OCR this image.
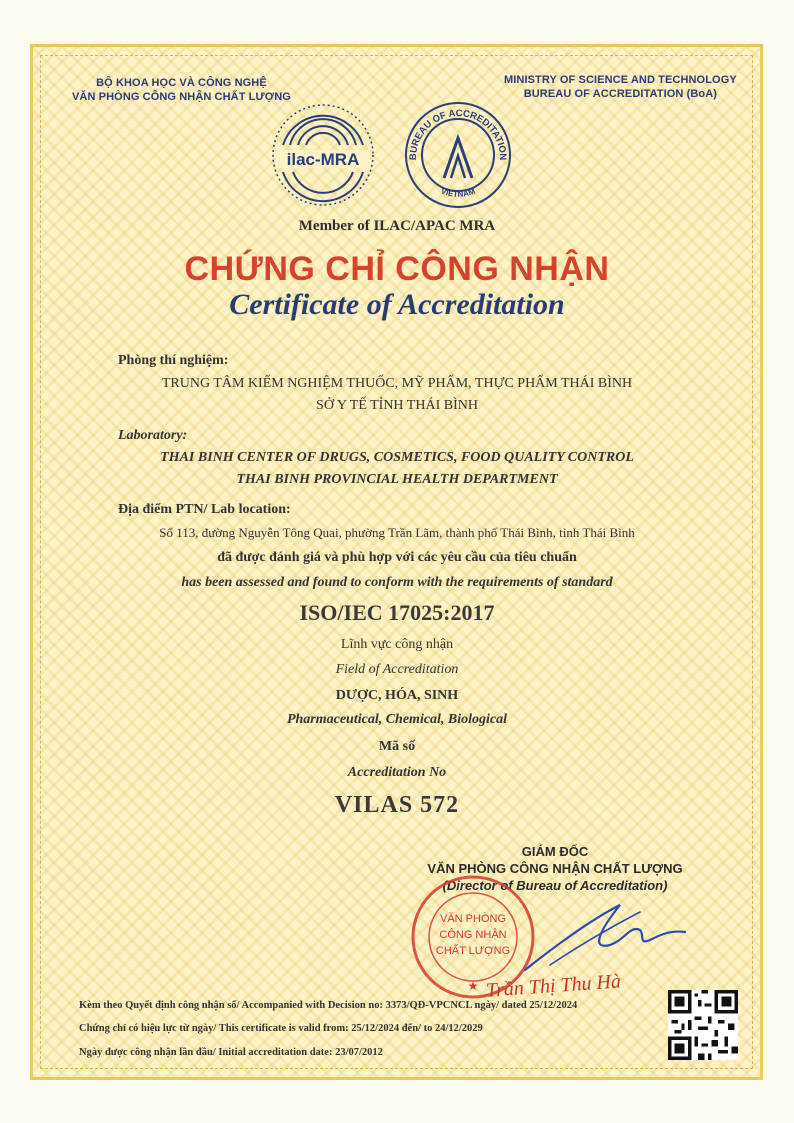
BỘ KHOA HỌC VÀ CÔNG NGHỆ
VĂN PHÒNG CÔNG NHẬN CHẤT LƯỢNG
MINISTRY OF SCIENCE AND TECHNOLOGY
BUREAU OF ACCREDITATION (BoA)
ilac-MRA	BUREAU OF ACCREDITATION
VIETNAM
Member of ILAC/APAC MRA
CHỨNG CHỈ CÔNG NHẬN
Certificate of Accreditation
Phòng thí nghiệm:
TRUNG TÂM KIỂM NGHIỆM THUỐC, MỸ PHẨM, THỰC PHẨM THÁI BÌNH
SỞ Y TẾ TỈNH THÁI BÌNH
Laboratory:
THAI BINH CENTER OF DRUGS, COSMETICS, FOOD QUALITY CONTROL
THAI BINH PROVINCIAL HEALTH DEPARTMENT
Địa điểm PTN/ Lab location:
Số 113, đường Nguyễn Tông Quai, phường Trần Lãm, thành phố Thái Bình, tỉnh Thái Bình
đã được đánh giá và phù hợp với các yêu cầu của tiêu chuẩn
has been assessed and found to conform with the requirements of standard
ISO/IEC 17025:2017
Lĩnh vực công nhận
Field of Accreditation
DƯỢC, HÓA, SINH
Pharmaceutical, Chemical, Biological
Mã số
Accreditation No
VILAS 572
GIÁM ĐỐC
VĂN PHÒNG CÔNG NHẬN CHẤT LƯỢNG
(Director of Bureau of Accreditation)
VĂN PHÒNG
CÔNG NHẬN
CHẤT LƯỢNG
★ Trần Thị Thu Hà
Kèm theo Quyết định công nhận số/ Accompanied with Decision no: 3373/QĐ-VPCNCL ngày/ dated 25/12/2024
Chứng chỉ có hiệu lực từ ngày/ This certificate is valid from: 25/12/2024 đến/ to 24/12/2029
Ngày được công nhận lần đầu/ Initial accreditation date: 23/07/2012
